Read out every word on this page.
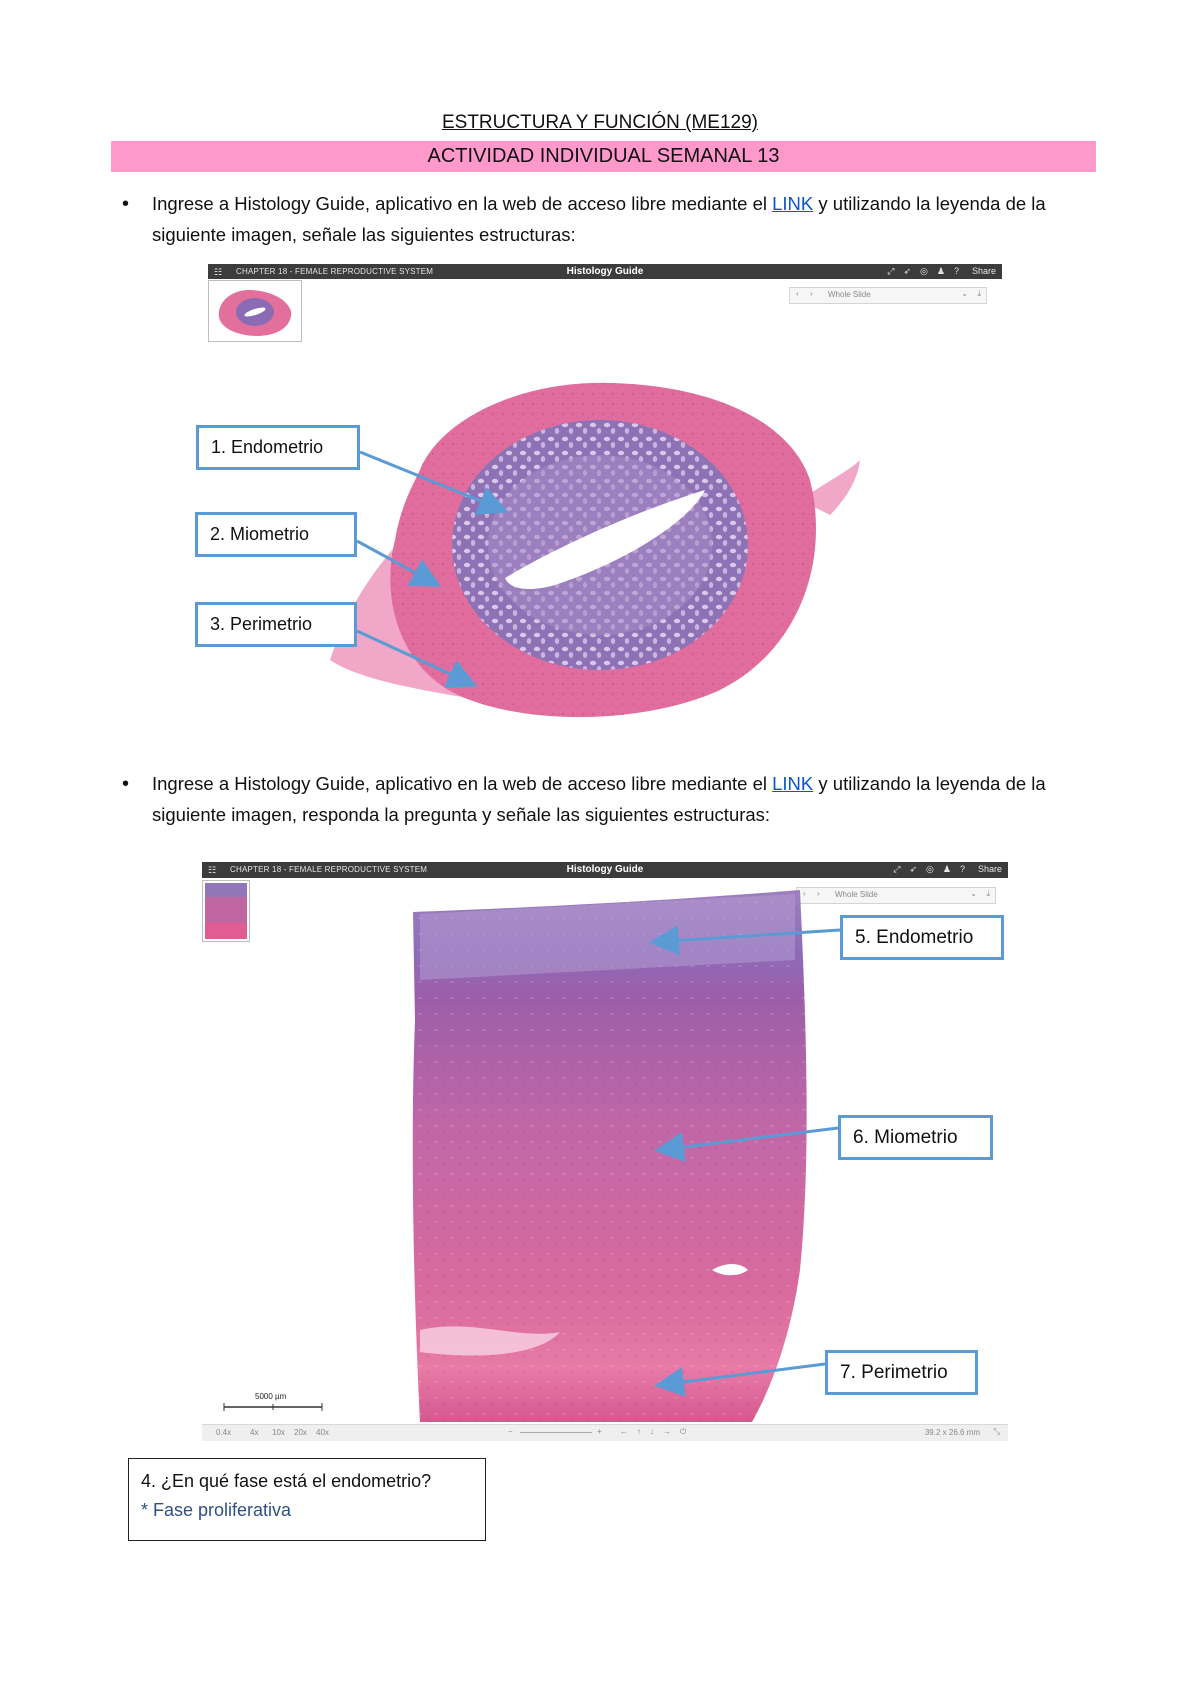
ESTRUCTURA Y FUNCIÓN (ME129)
ACTIVIDAD INDIVIDUAL SEMANAL 13
• Ingrese a Histology Guide, aplicativo en la web de acceso libre mediante el LINK y utilizando la leyenda de la siguiente imagen, señale las siguientes estructuras:
☷ CHAPTER 18 - FEMALE REPRODUCTIVE SYSTEM	Histology Guide	⤢➶◎♟? Share
‹ › Whole Slide	⌄ ⤓
1. Endometrio
2. Miometrio
3. Perimetrio
• Ingrese a Histology Guide, aplicativo en la web de acceso libre mediante el LINK y utilizando la leyenda de la siguiente imagen, responda la pregunta y señale las siguientes estructuras:
☷ CHAPTER 18 - FEMALE REPRODUCTIVE SYSTEM	Histology Guide	⤢➶◎♟? Share
‹ › Whole Slide	⌄ ⤓
5000 µm
0.4x 4x 10x 20x 40x	−	+ ←↑↓→⏻	39.2 x 26.6 mm ⤡
5. Endometrio
6. Miometrio
7. Perimetrio
4. ¿En qué fase está el endometrio?
* Fase proliferativa
